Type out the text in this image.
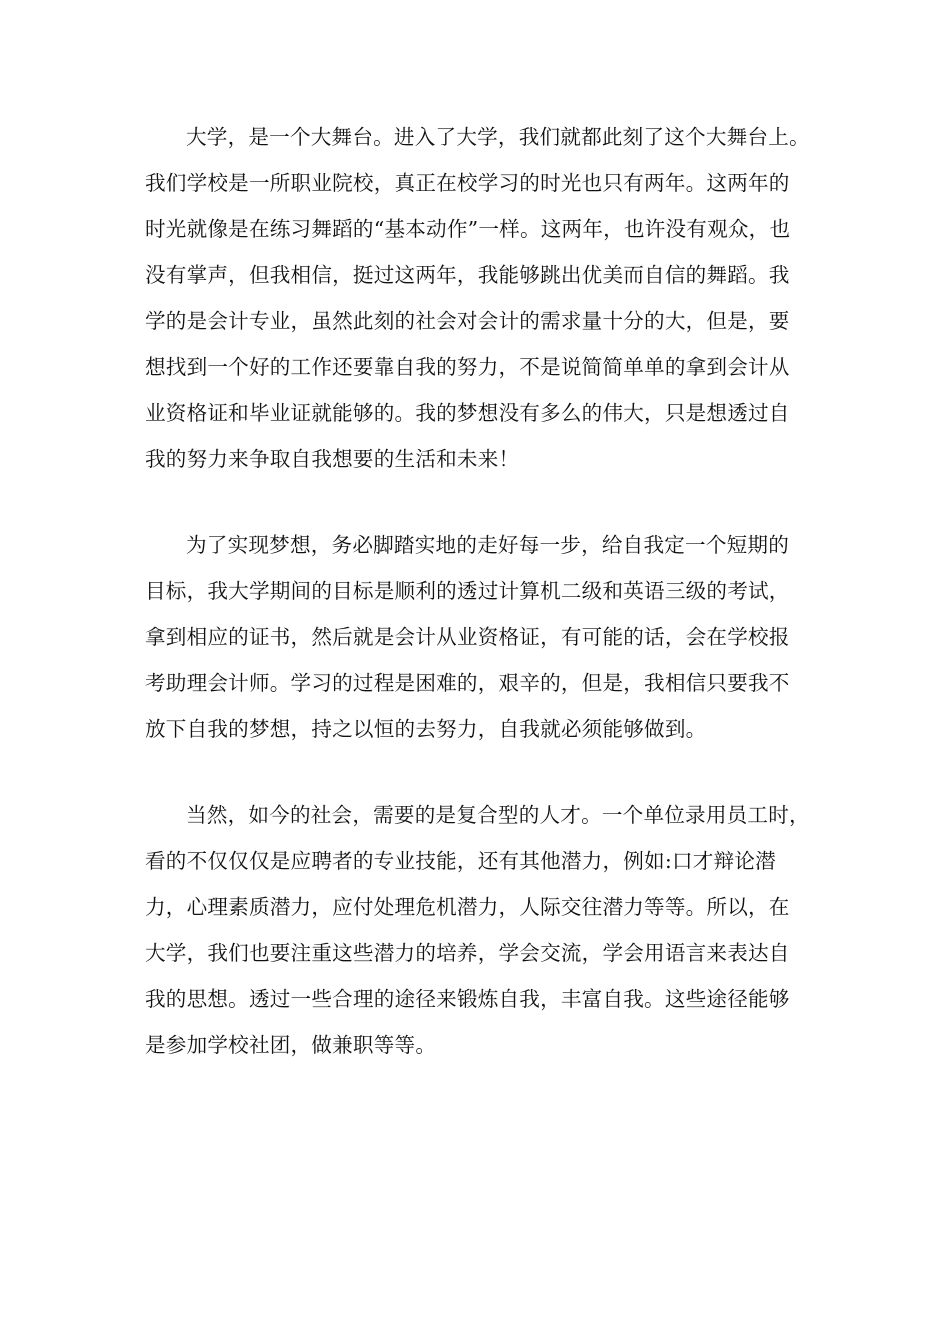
大学，是一个大舞台。进入了大学，我们就都此刻了这个大舞台上。
我们学校是一所职业院校，真正在校学习的时光也只有两年。这两年的
时光就像是在练习舞蹈的“基本动作”一样。这两年，也许没有观众，也
没有掌声，但我相信，挺过这两年，我能够跳出优美而自信的舞蹈。我
学的是会计专业，虽然此刻的社会对会计的需求量十分的大，但是，要
想找到一个好的工作还要靠自我的努力，不是说简简单单的拿到会计从
业资格证和毕业证就能够的。我的梦想没有多么的伟大，只是想透过自
我的努力来争取自我想要的生活和未来！

为了实现梦想，务必脚踏实地的走好每一步，给自我定一个短期的
目标，我大学期间的目标是顺利的透过计算机二级和英语三级的考试，
拿到相应的证书，然后就是会计从业资格证，有可能的话，会在学校报
考助理会计师。学习的过程是困难的，艰辛的，但是，我相信只要我不
放下自我的梦想，持之以恒的去努力，自我就必须能够做到。

当然，如今的社会，需要的是复合型的人才。一个单位录用员工时，
看的不仅仅仅是应聘者的专业技能，还有其他潜力，例如:口才辩论潜
力，心理素质潜力，应付处理危机潜力，人际交往潜力等等。所以，在
大学，我们也要注重这些潜力的培养，学会交流，学会用语言来表达自
我的思想。透过一些合理的途径来锻炼自我，丰富自我。这些途径能够
是参加学校社团，做兼职等等。
